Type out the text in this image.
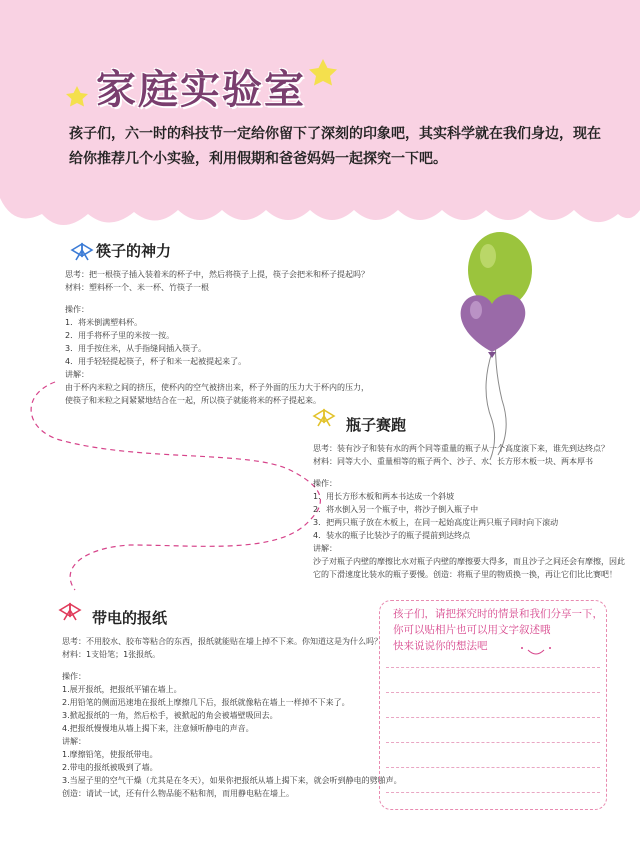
家庭实验室
孩子们，六一时的科技节一定给你留下了深刻的印象吧，其实科学就在我们身边，现在给你推荐几个小实验，利用假期和爸爸妈妈一起探究一下吧。
筷子的神力

思考：把一根筷子插入装着米的杯子中，然后将筷子上提，筷子会把米和杯子提起吗？

材料：塑料杯一个、米一杯、竹筷子一根

操作：

1．将米倒满塑料杯。

2．用手将杯子里的米按一按。

3．用手按住米，从手指缝间插入筷子。

4．用手轻轻提起筷子，杯子和米一起被提起来了。

讲解：

由于杯内米粒之间的挤压，使杯内的空气被挤出来，杯子外面的压力大于杯内的压力，

使筷子和米粒之间紧紧地结合在一起，所以筷子就能将米的杯子提起来。

瓶子赛跑

思考：装有沙子和装有水的两个同等重量的瓶子从一个高度滚下来，谁先到达终点？

材料：同等大小、重量相等的瓶子两个、沙子、水、长方形木板一块、两本厚书

操作：

1．用长方形木板和两本书达成一个斜坡

2．将水倒入另一个瓶子中，将沙子倒入瓶子中

3．把两只瓶子放在木板上，在同一起始高度让两只瓶子同时向下滚动

4．装水的瓶子比装沙子的瓶子提前到达终点

讲解：

沙子对瓶子内壁的摩擦比水对瓶子内壁的摩擦要大得多，而且沙子之间还会有摩擦，因此

它的下滑速度比装水的瓶子要慢。创造：将瓶子里的物质换一换，再让它们比比赛吧！

带电的报纸

思考：不用胶水、胶布等粘合的东西，报纸就能贴在墙上掉不下来。你知道这是为什么吗？

材料：1支铅笔；1张报纸。

操作：

1.展开报纸，把报纸平铺在墙上。

2.用铅笔的侧面迅速地在报纸上摩擦几下后，报纸就像粘在墙上一样掉不下来了。

3.掀起报纸的一角，然后松手，被掀起的角会被墙壁吸回去。

4.把报纸慢慢地从墙上揭下来，注意倾听静电的声音。

讲解：

1.摩擦铅笔，使报纸带电。

2.带电的报纸被吸到了墙。

3.当屋子里的空气干燥（尤其是在冬天），如果你把报纸从墙上揭下来，就会听到静电的劈啪声。

创造：请试一试，还有什么物品能不粘和剂，而用静电粘在墙上。

孩子们，请把探究时的情景和我们分享一下，

你可以贴相片也可以用文字叙述哦

快来说说你的想法吧
